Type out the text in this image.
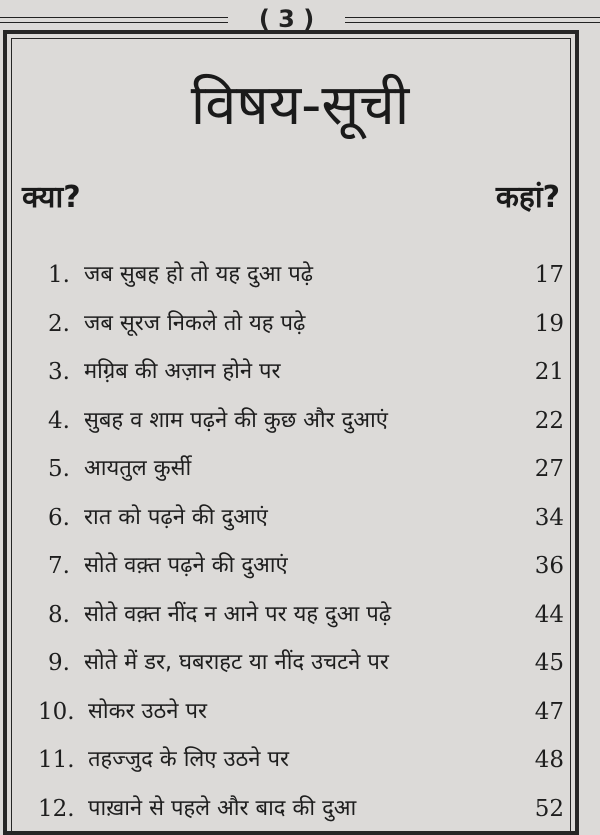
( 3 )
विषय-सूची
क्या?	कहां?
1. जब सुबह हो तो यह दुआ पढ़े	17
2. जब सूरज निकले तो यह पढ़े	19
3. मग़्रिब की अज़ान होने पर	21
4. सुबह व शाम पढ़ने की कुछ और दुआएं	22
5. आयतुल कुर्सी	27
6. रात को पढ़ने की दुआएं	34
7. सोते वक़्त पढ़ने की दुआएं	36
8. सोते वक़्त नींद न आने पर यह दुआ पढ़े	44
9. सोते में डर, घबराहट या नींद उचटने पर	45
10. सोकर उठने पर	47
11. तहज्जुद के लिए उठने पर	48
12. पाख़ाने से पहले और बाद की दुआ	52
